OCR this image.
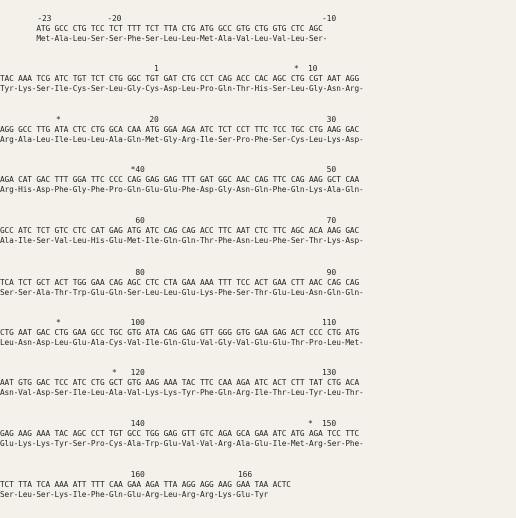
-23            -20                                           -10
ATG GCC CTG TCC TCT TTT TCT TTA CTG ATG GCC GTG CTG GTG CTC AGC
Met-Ala-Leu-Ser-Ser-Phe-Ser-Leu-Leu-Met-Ala-Val-Leu-Val-Leu-Ser-
1                             *  10
TAC AAA TCG ATC TGT TCT CTG GGC TGT GAT CTG CCT CAG ACC CAC AGC CTG CGT AAT AGG
Tyr-Lys-Ser-Ile-Cys-Ser-Leu-Gly-Cys-Asp-Leu-Pro-Gln-Thr-His-Ser-Leu-Gly-Asn-Arg-
*                   20                                    30
AGG GCC TTG ATA CTC CTG GCA CAA ATG GGA AGA ATC TCT CCT TTC TCC TGC CTG AAG GAC
Arg-Ala-Leu-Ile-Leu-Leu-Ala-Gln-Met-Gly-Arg-Ile-Ser-Pro-Phe-Ser-Cys-Leu-Lys-Asp-
*40                                       50
AGA CAT GAC TTT GGA TTC CCC CAG GAG GAG TTT GAT GGC AAC CAG TTC CAG AAG GCT CAA
Arg-His-Asp-Phe-Gly-Phe-Pro-Gln-Glu-Glu-Phe-Asp-Gly-Asn-Gln-Phe-Gln-Lys-Ala-Gln-
60                                       70
GCC ATC TCT GTC CTC CAT GAG ATG ATC CAG CAG ACC TTC AAT CTC TTC AGC ACA AAG GAC
Ala-Ile-Ser-Val-Leu-His-Glu-Met-Ile-Gln-Gln-Thr-Phe-Asn-Leu-Phe-Ser-Thr-Lys-Asp-
80                                       90
TCA TCT GCT ACT TGG GAA CAG AGC CTC CTA GAA AAA TTT TCC ACT GAA CTT AAC CAG CAG
Ser-Ser-Ala-Thr-Trp-Glu-Gln-Ser-Leu-Leu-Glu-Lys-Phe-Ser-Thr-Glu-Leu-Asn-Gln-Gln-
*               100                                      110
CTG AAT GAC CTG GAA GCC TGC GTG ATA CAG GAG GTT GGG GTG GAA GAG ACT CCC CTG ATG
Leu-Asn-Asp-Leu-Glu-Ala-Cys-Val-Ile-Gln-Glu-Val-Gly-Val-Glu-Glu-Thr-Pro-Leu-Met-
*   120                                      130
AAT GTG GAC TCC ATC CTG GCT GTG AAG AAA TAC TTC CAA AGA ATC ACT CTT TAT CTG ACA
Asn-Val-Asp-Ser-Ile-Leu-Ala-Val-Lys-Lys-Tyr-Phe-Gln-Arg-Ile-Thr-Leu-Tyr-Leu-Thr-
140                                   *  150
GAG AAG AAA TAC AGC CCT TGT GCC TGG GAG GTT GTC AGA GCA GAA ATC ATG AGA TCC TTC
Glu-Lys-Lys-Tyr-Ser-Pro-Cys-Ala-Trp-Glu-Val-Val-Arg-Ala-Glu-Ile-Met-Arg-Ser-Phe-
160                    166
TCT TTA TCA AAA ATT TTT CAA GAA AGA TTA AGG AGG AAG GAA TAA ACTC
Ser-Leu-Ser-Lys-Ile-Phe-Gln-Glu-Arg-Leu-Arg-Arg-Lys-Glu-Tyr
